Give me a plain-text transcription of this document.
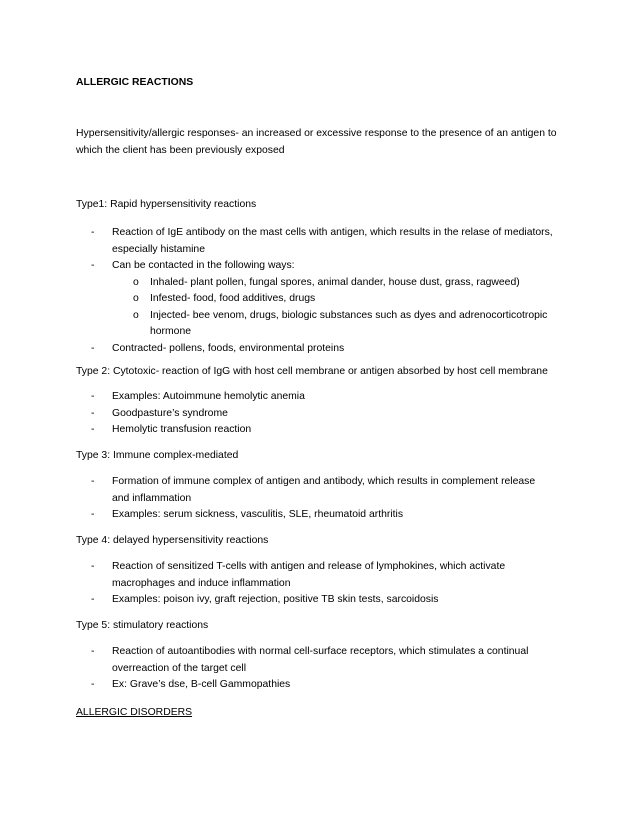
ALLERGIC REACTIONS

Hypersensitivity/allergic responses- an increased or excessive response to the presence of an antigen to

which the client has been previously exposed

Type1: Rapid hypersensitivity reactions
- Reaction of IgE antibody on the mast cells with antigen, which results in the relase of mediators,
especially histamine
- Can be contacted in the following ways:
o Inhaled- plant pollen, fungal spores, animal dander, house dust, grass, ragweed)
o Infested- food, food additives, drugs
o Injected- bee venom, drugs, biologic substances such as dyes and adrenocorticotropic
hormone
- Contracted- pollens, foods, environmental proteins
Type 2: Cytotoxic- reaction of IgG with host cell membrane or antigen absorbed by host cell membrane
- Examples: Autoimmune hemolytic anemia
- Goodpasture’s syndrome
- Hemolytic transfusion reaction
Type 3: Immune complex-mediated
- Formation of immune complex of antigen and antibody, which results in complement release
and inflammation
- Examples: serum sickness, vasculitis, SLE, rheumatoid arthritis
Type 4: delayed hypersensitivity reactions
- Reaction of sensitized T-cells with antigen and release of lymphokines, which activate
macrophages and induce inflammation
- Examples: poison ivy, graft rejection, positive TB skin tests, sarcoidosis
Type 5: stimulatory reactions
- Reaction of autoantibodies with normal cell-surface receptors, which stimulates a continual
overreaction of the target cell
- Ex: Grave’s dse, B-cell Gammopathies
ALLERGIC DISORDERS
